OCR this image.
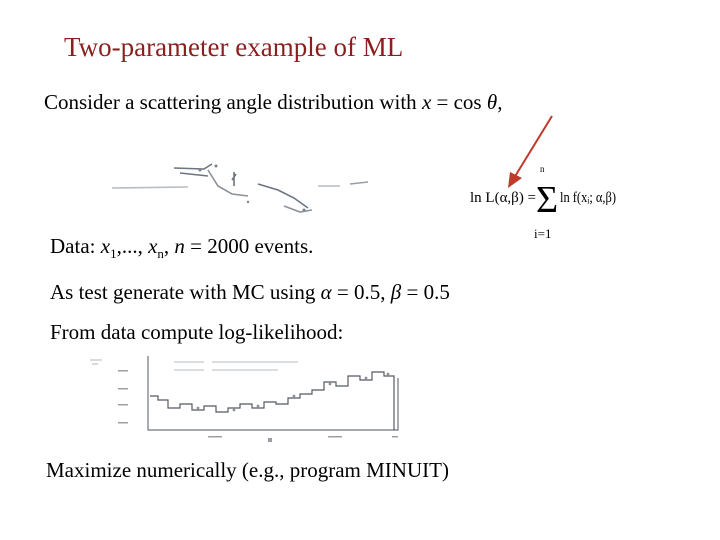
Two-parameter example of ML
Consider a scattering angle distribution with x = cos θ,
ln L(α,β) =
n
Σ
i=1
ln f(xᵢ; α,β)
Data: $x_1$,..., $x_n$, n = 2000 events.
As test generate with MC using α = 0.5, β = 0.5
From data compute log-likelihood:
Maximize numerically (e.g., program MINUIT)
